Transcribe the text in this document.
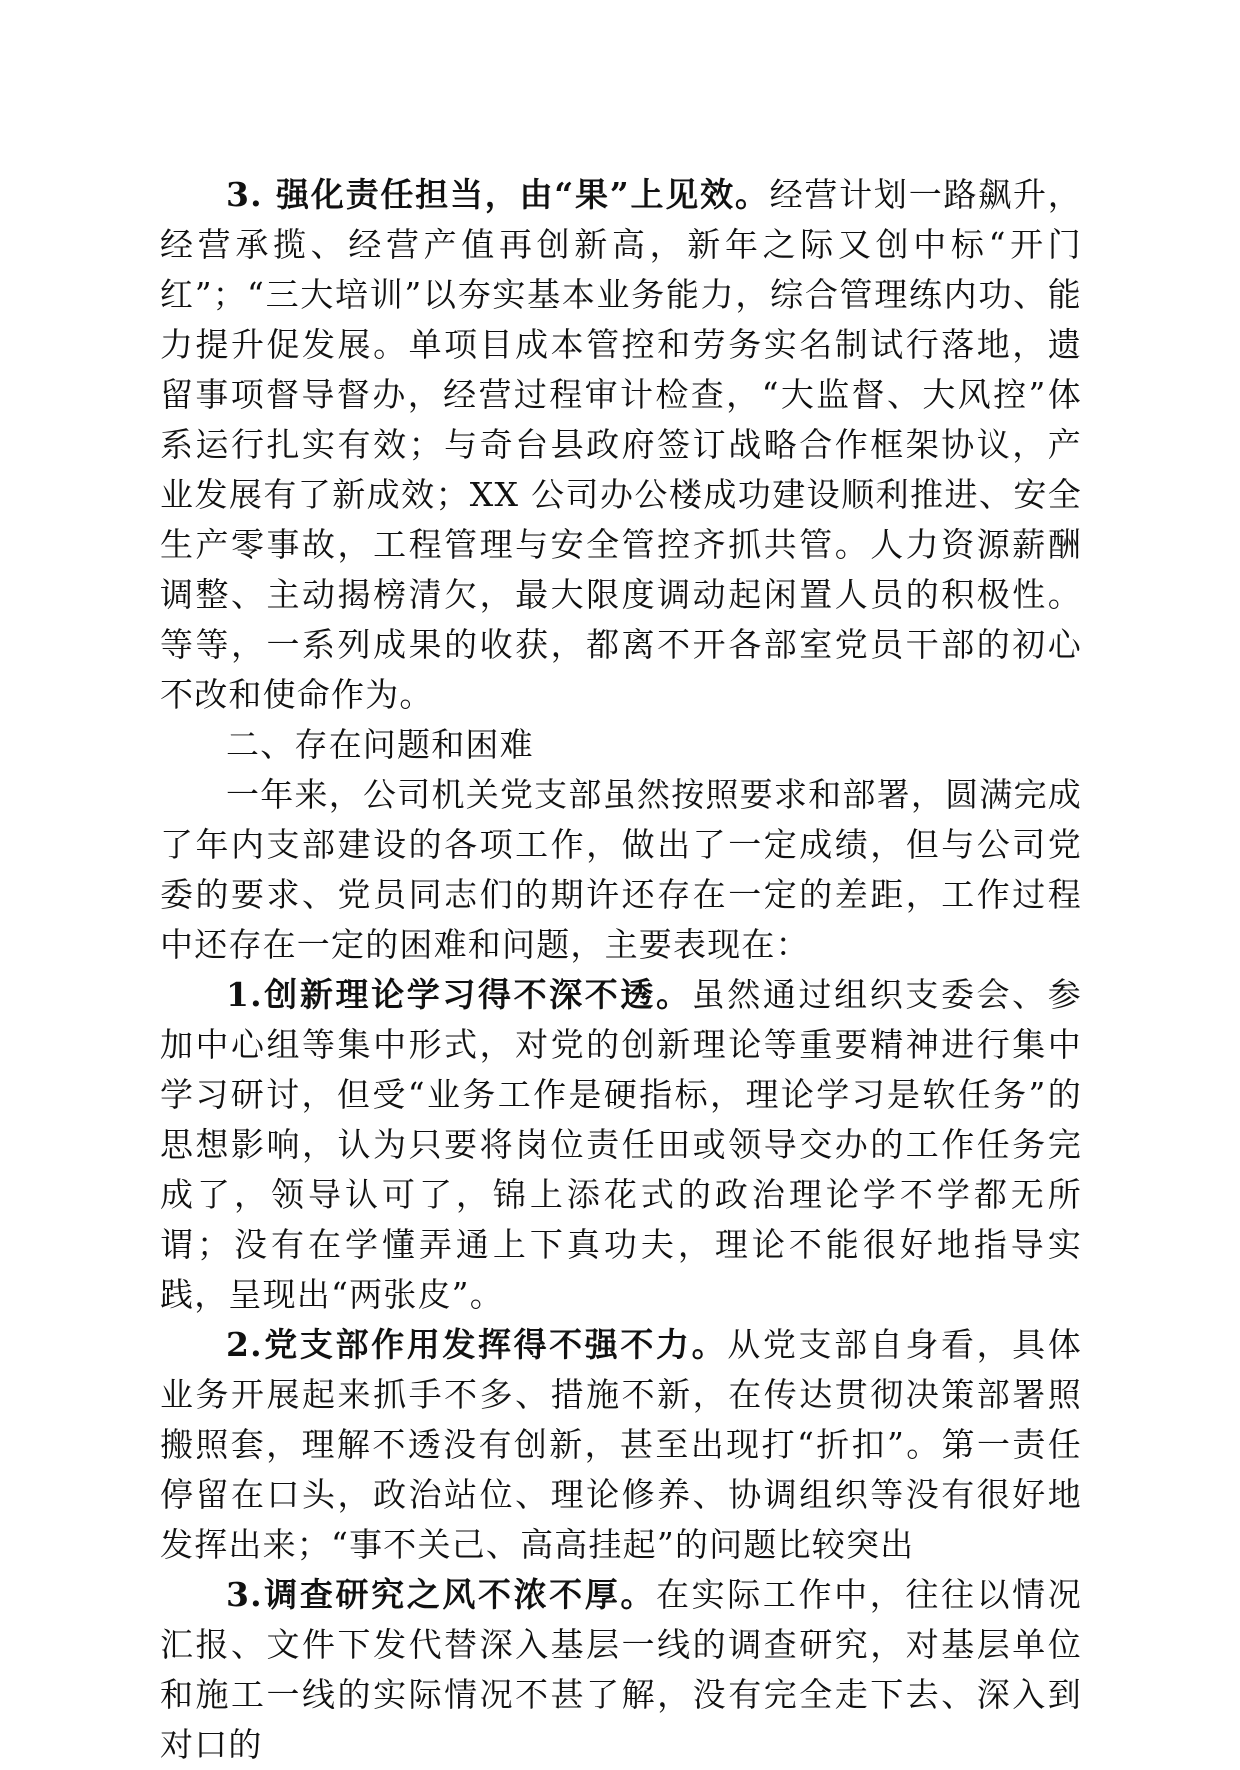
3. 强化责任担当，由“果”上见效。经营计划一路飙升，经营承揽、经营产值再创新高，新年之际又创中标“开门红”；“三大培训”以夯实基本业务能力，综合管理练内功、能力提升促发展。单项目成本管控和劳务实名制试行落地，遗留事项督导督办，经营过程审计检查，“大监督、大风控”体系运行扎实有效；与奇台县政府签订战略合作框架协议，产业发展有了新成效；XX 公司办公楼成功建设顺利推进、安全生产零事故，工程管理与安全管控齐抓共管。人力资源薪酬调整、主动揭榜清欠，最大限度调动起闲置人员的积极性。等等，一系列成果的收获，都离不开各部室党员干部的初心不改和使命作为。

二、存在问题和困难

一年来，公司机关党支部虽然按照要求和部署，圆满完成了年内支部建设的各项工作，做出了一定成绩，但与公司党委的要求、党员同志们的期许还存在一定的差距，工作过程中还存在一定的困难和问题，主要表现在：

1.创新理论学习得不深不透。虽然通过组织支委会、参加中心组等集中形式，对党的创新理论等重要精神进行集中学习研讨，但受“业务工作是硬指标，理论学习是软任务”的思想影响，认为只要将岗位责任田或领导交办的工作任务完成了，领导认可了，锦上添花式的政治理论学不学都无所谓；没有在学懂弄通上下真功夫，理论不能很好地指导实践，呈现出“两张皮”。

2.党支部作用发挥得不强不力。从党支部自身看，具体业务开展起来抓手不多、措施不新，在传达贯彻决策部署照搬照套，理解不透没有创新，甚至出现打“折扣”。第一责任停留在口头，政治站位、理论修养、协调组织等没有很好地发挥出来；“事不关己、高高挂起”的问题比较突出

3.调查研究之风不浓不厚。在实际工作中，往往以情况汇报、文件下发代替深入基层一线的调查研究，对基层单位和施工一线的实际情况不甚了解，没有完全走下去、深入到对口的
